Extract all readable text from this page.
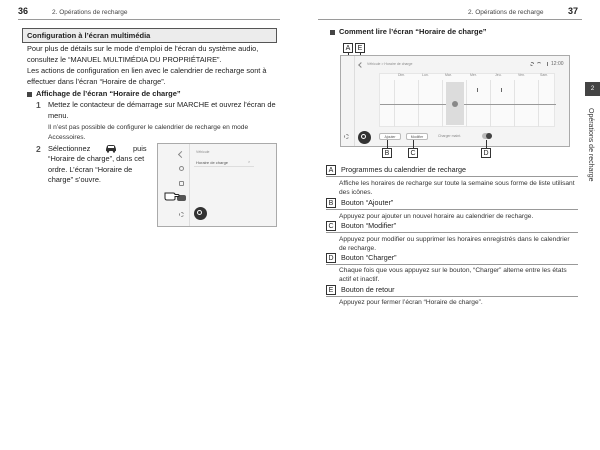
36	2. Opérations de recharge	2. Opérations de recharge	37
2
Opérations de recharge
Configuration à l’écran multimédia
Pour plus de détails sur le mode d’emploi de l’écran du système audio, consultez le “MANUEL MULTIMÉDIA DU PROPRIÉTAIRE”.
Les actions de configuration en lien avec le calendrier de recharge sont à effectuer dans l’écran “Horaire de charge”.
Affichage de l’écran “Horaire de charge”
1 Mettez le contacteur de démarrage sur MARCHE et ouvrez l’écran de menu.
Il n’est pas possible de configurer le calendrier de recharge en mode Accessoires.
2 Sélectionnez	puis
“Horaire de charge”, dans cet ordre. L’écran “Horaire de charge” s’ouvre.
Véhicule
Horaire de charge	>
Comment lire l’écran “Horaire de charge”
A	E
Véhicule > Horaire de charge	12:00
Dim.	Lun.	Mar.	Mer.	Jeu.	Ven.	Sam.
Ajouter	Modifier	Charger maint.
B	C	D
A Programmes du calendrier de recharge
Affiche les horaires de recharge sur toute la semaine sous forme de liste utilisant des icônes.
B Bouton “Ajouter”
Appuyez pour ajouter un nouvel horaire au calendrier de recharge.
C Bouton “Modifier”
Appuyez pour modifier ou supprimer les horaires enregistrés dans le calendrier de recharge.
D Bouton “Charger”
Chaque fois que vous appuyez sur le bouton, “Charger” alterne entre les états actif et inactif.
E Bouton de retour
Appuyez pour fermer l’écran “Horaire de charge”.
